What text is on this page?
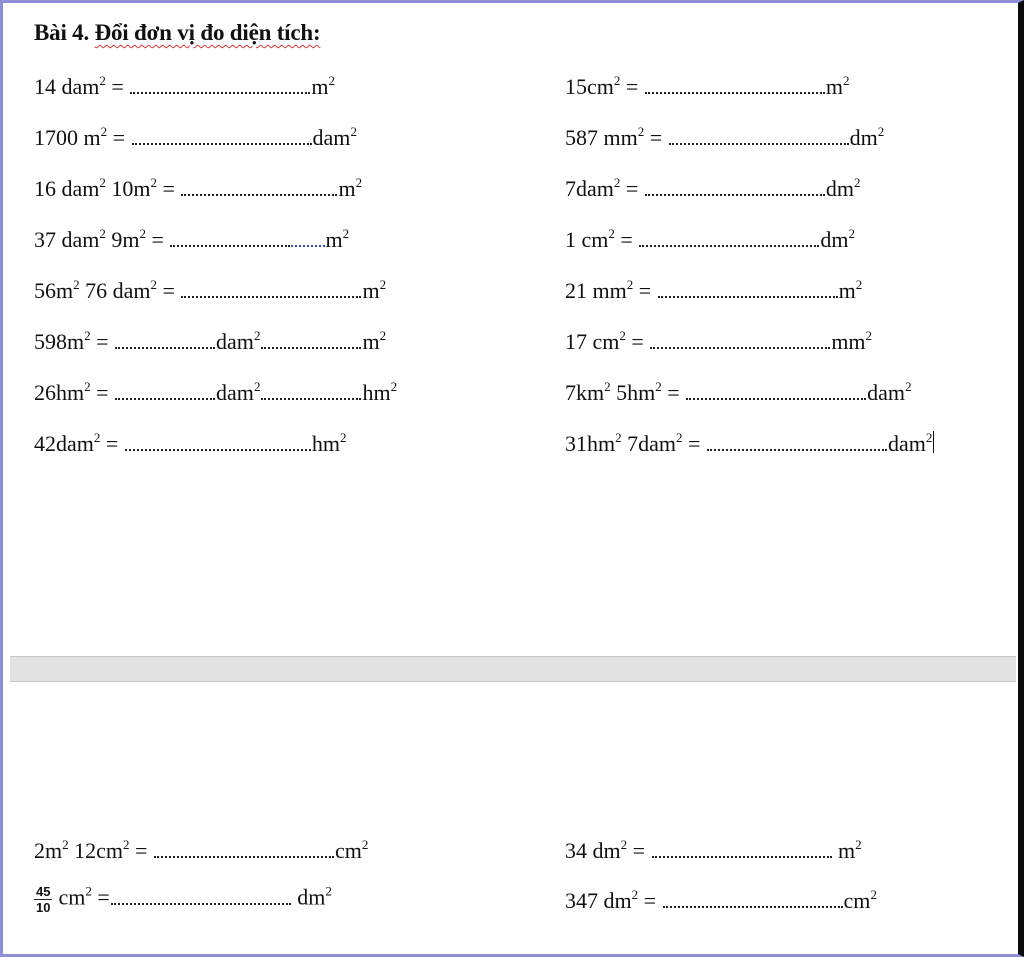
Bài 4. Đổi đơn vị đo diện tích:
14 dam$^2$ =	$m^2$
1700 $m^2$ =	dam$^2$
16 dam$^2$ $10m^2$ =	$m^2$
37 dam$^2$ $9m^2$ =	$m^2$
$56m^2$ 76 dam$^2$ =	$m^2$
$598m^2$ =	dam$^2$	$m^2$
$26hm^2$ =	dam$^2$	$hm^2$
42dam$^2$ =	$hm^2$
$15cm^2$ =	$m^2$
587 $mm^2$ =	$dm^2$
7dam$^2$ =	$dm^2$
1 $cm^2$ =	$dm^2$
21 $mm^2$ =	$m^2$
17 $cm^2$ =	$mm^2$
$7km^2$ $5hm^2$ =	dam$^2$
$31hm^2$ 7dam$^2$ =	dam$^2$
$2m^2$ $12cm^2$ =	$cm^2$
$\frac{45}{10} cm^2$ =	$dm^2$
34 $dm^2$ =	$m^2$
347 $dm^2$ =	$cm^2$
